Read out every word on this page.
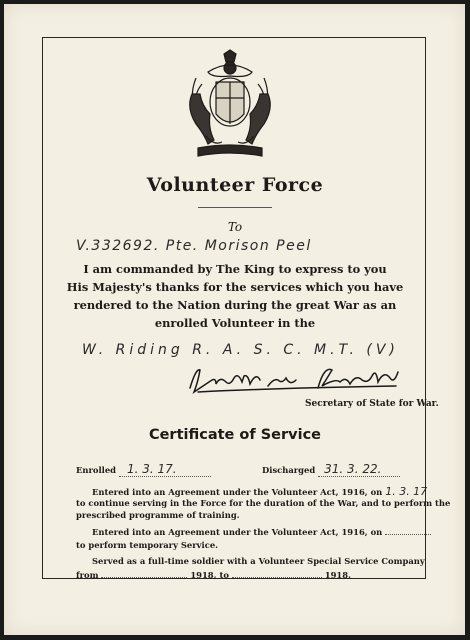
Volunteer Force
To
V.332692. Pte. Morison Peel
I am commanded by The King to express to you
His Majesty's thanks for the services which you have
rendered to the Nation during the great War as an
enrolled Volunteer in the
W. Riding R. A. S. C. M.T. (V)
Secretary of State for War.
Certificate of Service
Enrolled 1. 3. 17.	Discharged 31. 3. 22.
Entered into an Agreement under the Volunteer Act, 1916, on 1. 3. 17
to continue serving in the Force for the duration of the War, and to perform the
prescribed programme of training.
Entered into an Agreement under the Volunteer Act, 1916, on
to perform temporary Service.
Served as a full-time soldier with a Volunteer Special Service Company
from	1918, to	1918.
